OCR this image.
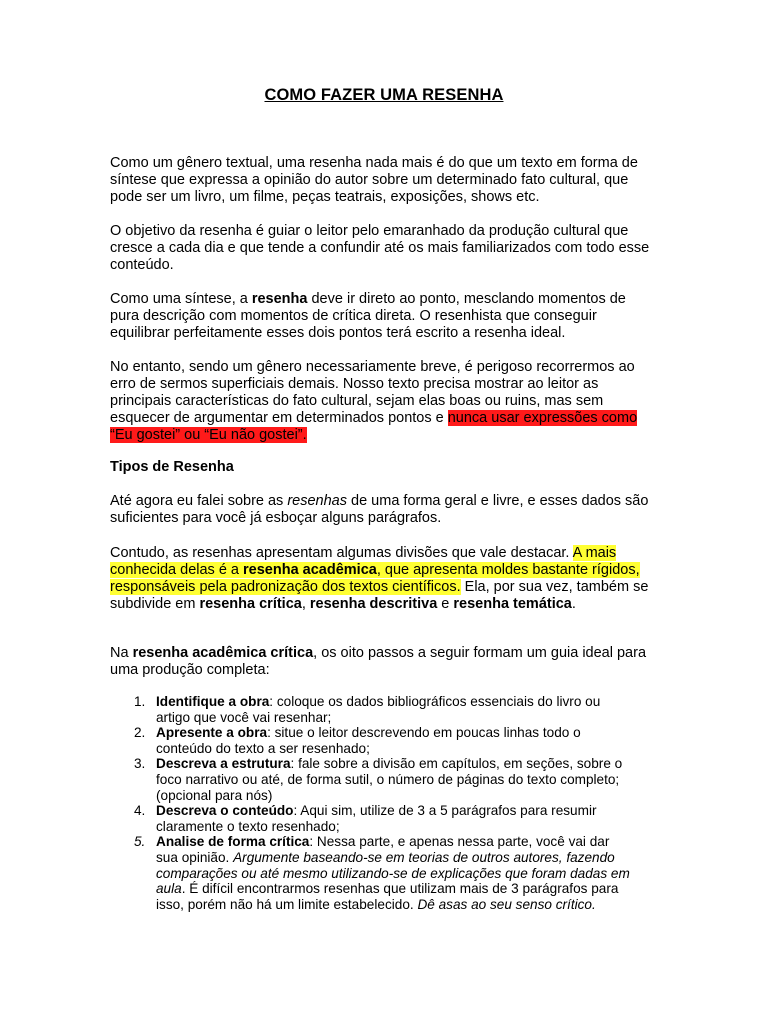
COMO FAZER UMA RESENHA
Como um gênero textual, uma resenha nada mais é do que um texto em forma de síntese que expressa a opinião do autor sobre um determinado fato cultural, que pode ser um livro, um filme, peças teatrais, exposições, shows etc.
O objetivo da resenha é guiar o leitor pelo emaranhado da produção cultural que cresce a cada dia e que tende a confundir até os mais familiarizados com todo esse conteúdo.
Como uma síntese, a resenha deve ir direto ao ponto, mesclando momentos de pura descrição com momentos de crítica direta. O resenhista que conseguir equilibrar perfeitamente esses dois pontos terá escrito a resenha ideal.
No entanto, sendo um gênero necessariamente breve, é perigoso recorrermos ao erro de sermos superficiais demais. Nosso texto precisa mostrar ao leitor as principais características do fato cultural, sejam elas boas ou ruins, mas sem esquecer de argumentar em determinados pontos e nunca usar expressões como “Eu gostei” ou “Eu não gostei”.
Tipos de Resenha
Até agora eu falei sobre as resenhas de uma forma geral e livre, e esses dados são suficientes para você já esboçar alguns parágrafos.
Contudo, as resenhas apresentam algumas divisões que vale destacar. A mais conhecida delas é a resenha acadêmica, que apresenta moldes bastante rígidos, responsáveis pela padronização dos textos científicos. Ela, por sua vez, também se subdivide em resenha crítica, resenha descritiva e resenha temática.
Na resenha acadêmica crítica, os oito passos a seguir formam um guia ideal para uma produção completa:
1. Identifique a obra: coloque os dados bibliográficos essenciais do livro ou artigo que você vai resenhar;
2. Apresente a obra: situe o leitor descrevendo em poucas linhas todo o conteúdo do texto a ser resenhado;
3. Descreva a estrutura: fale sobre a divisão em capítulos, em seções, sobre o foco narrativo ou até, de forma sutil, o número de páginas do texto completo; (opcional para nós)
4. Descreva o conteúdo: Aqui sim, utilize de 3 a 5 parágrafos para resumir claramente o texto resenhado;
5. Analise de forma crítica: Nessa parte, e apenas nessa parte, você vai dar sua opinião. Argumente baseando-se em teorias de outros autores, fazendo comparações ou até mesmo utilizando-se de explicações que foram dadas em aula. É difícil encontrarmos resenhas que utilizam mais de 3 parágrafos para isso, porém não há um limite estabelecido. Dê asas ao seu senso crítico.
